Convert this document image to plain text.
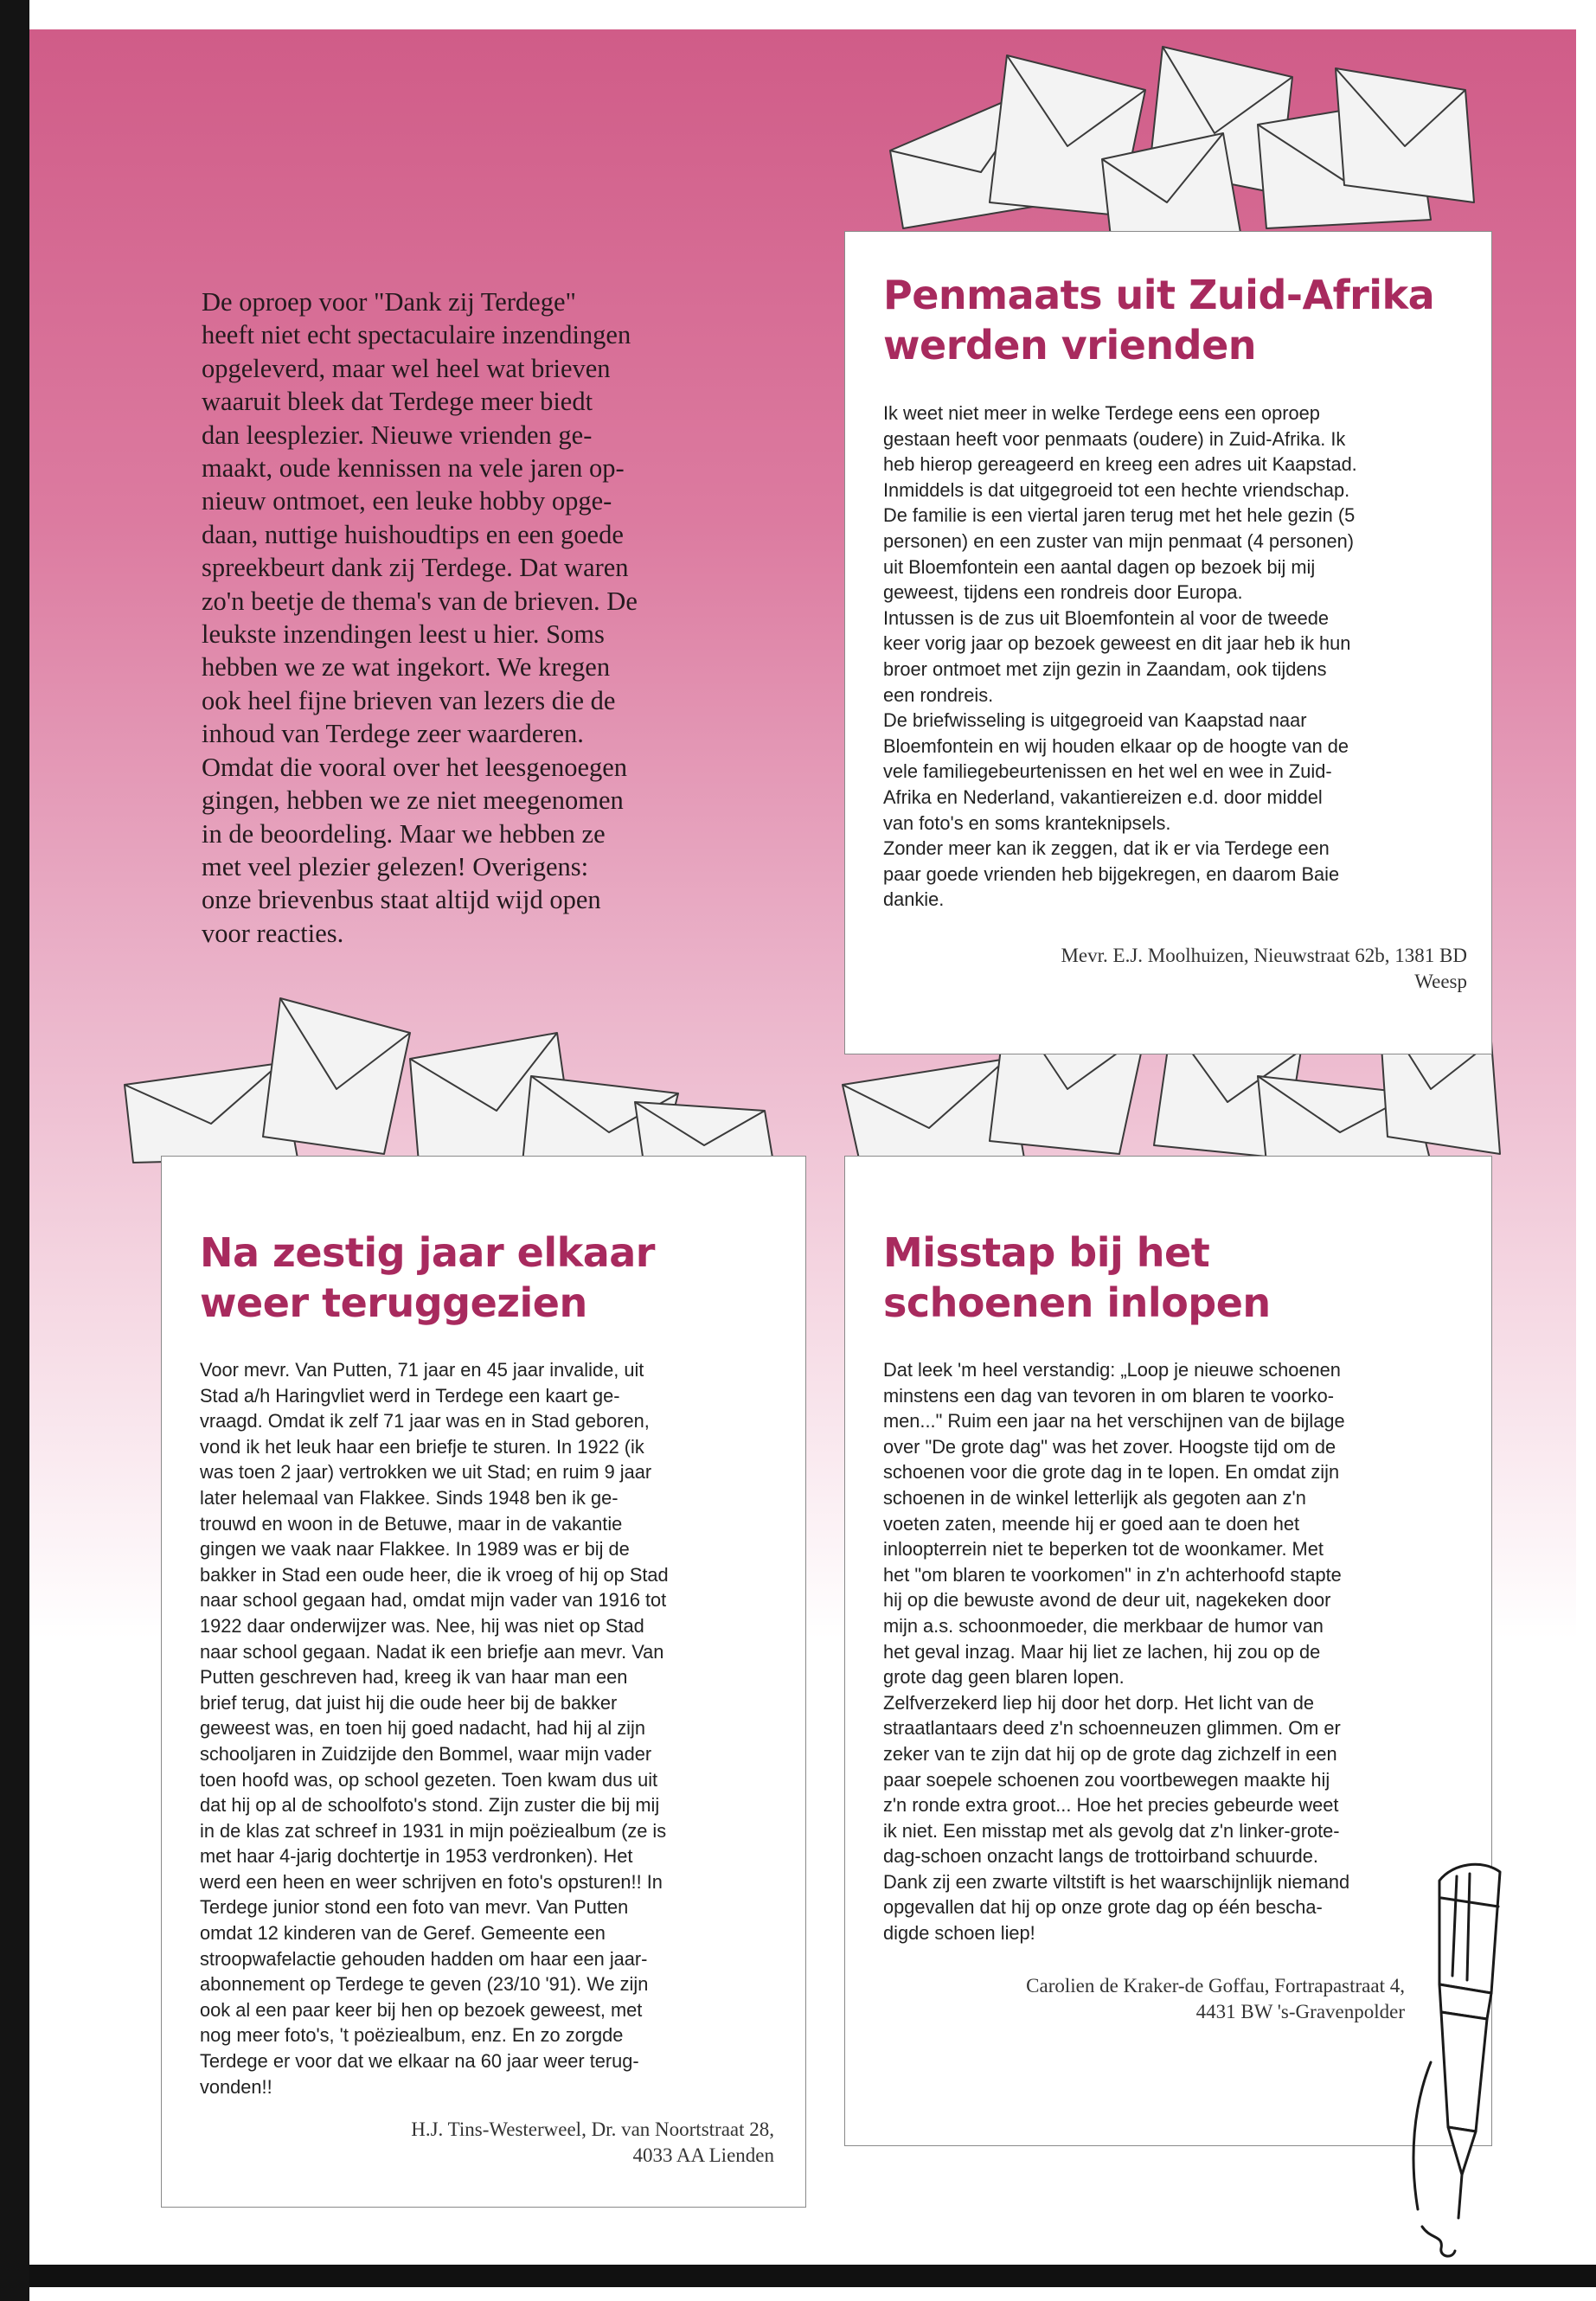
De oproep voor "Dank zij Terdege"
heeft niet echt spectaculaire inzendingen
opgeleverd, maar wel heel wat brieven
waaruit bleek dat Terdege meer biedt
dan leesplezier. Nieuwe vrienden ge-
maakt, oude kennissen na vele jaren op-
nieuw ontmoet, een leuke hobby opge-
daan, nuttige huishoudtips en een goede
spreekbeurt dank zij Terdege. Dat waren
zo'n beetje de thema's van de brieven. De
leukste inzendingen leest u hier. Soms
hebben we ze wat ingekort. We kregen
ook heel fijne brieven van lezers die de
inhoud van Terdege zeer waarderen.
Omdat die vooral over het leesgenoegen
gingen, hebben we ze niet meegenomen
in de beoordeling. Maar we hebben ze
met veel plezier gelezen! Overigens:
onze brievenbus staat altijd wijd open
voor reacties.
Penmaats uit Zuid-Afrika
werden vrienden

Ik weet niet meer in welke Terdege eens een oproep
gestaan heeft voor penmaats (oudere) in Zuid-Afrika. Ik
heb hierop gereageerd en kreeg een adres uit Kaapstad.
Inmiddels is dat uitgegroeid tot een hechte vriendschap.
De familie is een viertal jaren terug met het hele gezin (5
personen) en een zuster van mijn penmaat (4 personen)
uit Bloemfontein een aantal dagen op bezoek bij mij
geweest, tijdens een rondreis door Europa.
Intussen is de zus uit Bloemfontein al voor de tweede
keer vorig jaar op bezoek geweest en dit jaar heb ik hun
broer ontmoet met zijn gezin in Zaandam, ook tijdens
een rondreis.
De briefwisseling is uitgegroeid van Kaapstad naar
Bloemfontein en wij houden elkaar op de hoogte van de
vele familiegebeurtenissen en het wel en wee in Zuid-
Afrika en Nederland, vakantiereizen e.d. door middel
van foto's en soms kranteknipsels.
Zonder meer kan ik zeggen, dat ik er via Terdege een
paar goede vrienden heb bijgekregen, en daarom Baie
dankie.

Mevr. E.J. Moolhuizen, Nieuwstraat 62b, 1381 BD
Weesp

Na zestig jaar elkaar
weer teruggezien

Voor mevr. Van Putten, 71 jaar en 45 jaar invalide, uit
Stad a/h Haringvliet werd in Terdege een kaart ge-
vraagd. Omdat ik zelf 71 jaar was en in Stad geboren,
vond ik het leuk haar een briefje te sturen. In 1922 (ik
was toen 2 jaar) vertrokken we uit Stad; en ruim 9 jaar
later helemaal van Flakkee. Sinds 1948 ben ik ge-
trouwd en woon in de Betuwe, maar in de vakantie
gingen we vaak naar Flakkee. In 1989 was er bij de
bakker in Stad een oude heer, die ik vroeg of hij op Stad
naar school gegaan had, omdat mijn vader van 1916 tot
1922 daar onderwijzer was. Nee, hij was niet op Stad
naar school gegaan. Nadat ik een briefje aan mevr. Van
Putten geschreven had, kreeg ik van haar man een
brief terug, dat juist hij die oude heer bij de bakker
geweest was, en toen hij goed nadacht, had hij al zijn
schooljaren in Zuidzijde den Bommel, waar mijn vader
toen hoofd was, op school gezeten. Toen kwam dus uit
dat hij op al de schoolfoto's stond. Zijn zuster die bij mij
in de klas zat schreef in 1931 in mijn poëziealbum (ze is
met haar 4-jarig dochtertje in 1953 verdronken). Het
werd een heen en weer schrijven en foto's opsturen!! In
Terdege junior stond een foto van mevr. Van Putten
omdat 12 kinderen van de Geref. Gemeente een
stroopwafelactie gehouden hadden om haar een jaar-
abonnement op Terdege te geven (23/10 '91). We zijn
ook al een paar keer bij hen op bezoek geweest, met
nog meer foto's, 't poëziealbum, enz. En zo zorgde
Terdege er voor dat we elkaar na 60 jaar weer terug-
vonden!!

H.J. Tins-Westerweel, Dr. van Noortstraat 28,
4033 AA Lienden

Misstap bij het
schoenen inlopen

Dat leek 'm heel verstandig: „Loop je nieuwe schoenen
minstens een dag van tevoren in om blaren te voorko-
men..." Ruim een jaar na het verschijnen van de bijlage
over "De grote dag" was het zover. Hoogste tijd om de
schoenen voor die grote dag in te lopen. En omdat zijn
schoenen in de winkel letterlijk als gegoten aan z'n
voeten zaten, meende hij er goed aan te doen het
inloopterrein niet te beperken tot de woonkamer. Met
het "om blaren te voorkomen" in z'n achterhoofd stapte
hij op die bewuste avond de deur uit, nagekeken door
mijn a.s. schoonmoeder, die merkbaar de humor van
het geval inzag. Maar hij liet ze lachen, hij zou op de
grote dag geen blaren lopen.
Zelfverzekerd liep hij door het dorp. Het licht van de
straatlantaars deed z'n schoenneuzen glimmen. Om er
zeker van te zijn dat hij op de grote dag zichzelf in een
paar soepele schoenen zou voortbewegen maakte hij
z'n ronde extra groot... Hoe het precies gebeurde weet
ik niet. Een misstap met als gevolg dat z'n linker-grote-
dag-schoen onzacht langs de trottoirband schuurde.
Dank zij een zwarte viltstift is het waarschijnlijk niemand
opgevallen dat hij op onze grote dag op één bescha-
digde schoen liep!

Carolien de Kraker-de Goffau, Fortrapastraat 4,
4431 BW 's-Gravenpolder
